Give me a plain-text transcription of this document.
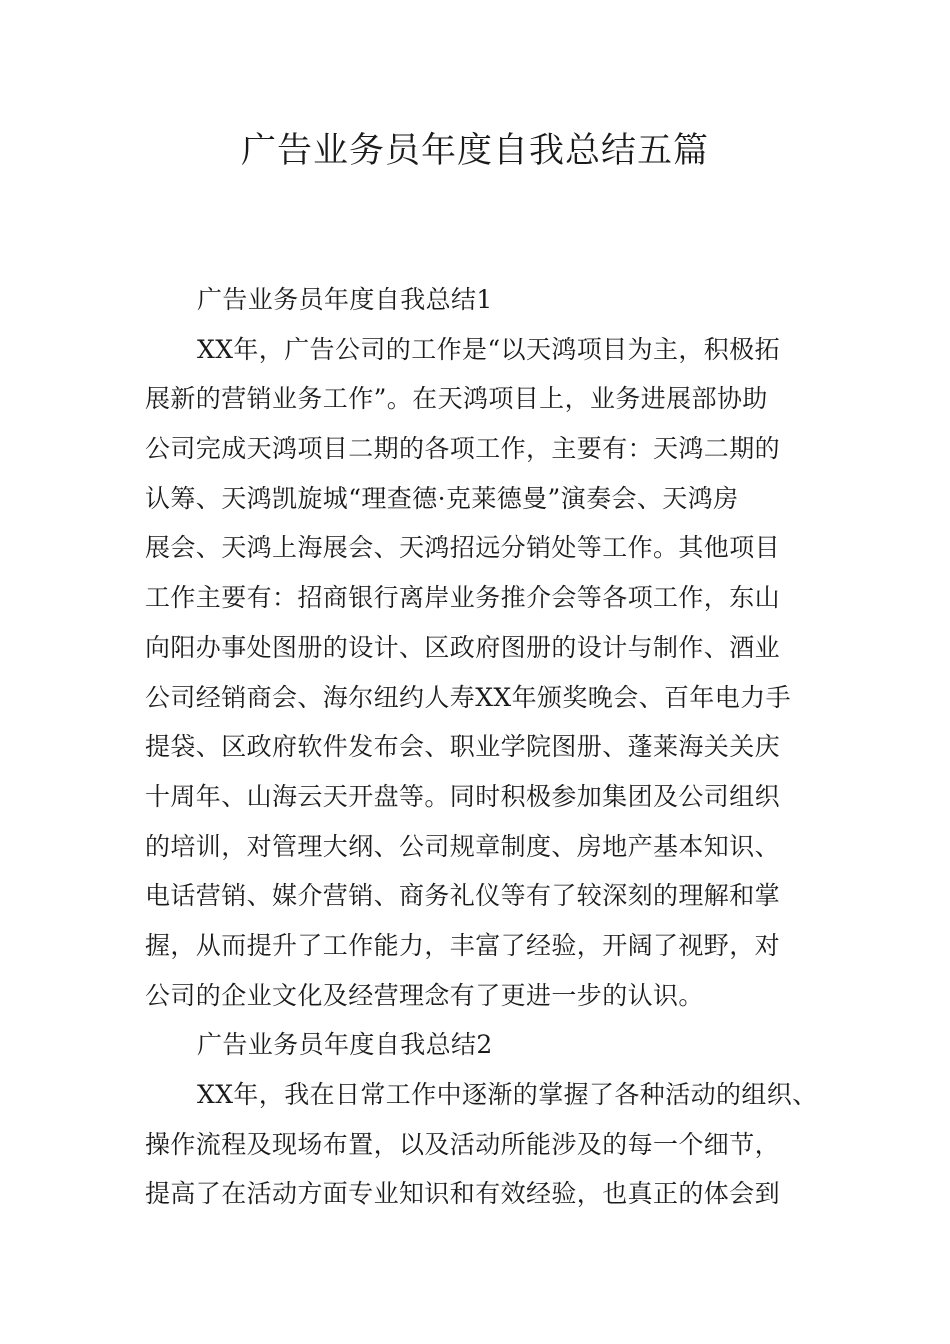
广告业务员年度自我总结五篇
广告业务员年度自我总结1
XX年，广告公司的工作是“以天鸿项目为主，积极拓
展新的营销业务工作”。在天鸿项目上，业务进展部协助
公司完成天鸿项目二期的各项工作，主要有：天鸿二期的
认筹、天鸿凯旋城“理查德·克莱德曼”演奏会、天鸿房
展会、天鸿上海展会、天鸿招远分销处等工作。其他项目
工作主要有：招商银行离岸业务推介会等各项工作，东山
向阳办事处图册的设计、区政府图册的设计与制作、酒业
公司经销商会、海尔纽约人寿XX年颁奖晚会、百年电力手
提袋、区政府软件发布会、职业学院图册、蓬莱海关关庆
十周年、山海云天开盘等。同时积极参加集团及公司组织
的培训，对管理大纲、公司规章制度、房地产基本知识、
电话营销、媒介营销、商务礼仪等有了较深刻的理解和掌
握，从而提升了工作能力，丰富了经验，开阔了视野，对
公司的企业文化及经营理念有了更进一步的认识。
广告业务员年度自我总结2
XX年，我在日常工作中逐渐的掌握了各种活动的组织、
操作流程及现场布置，以及活动所能涉及的每一个细节，
提高了在活动方面专业知识和有效经验，也真正的体会到
